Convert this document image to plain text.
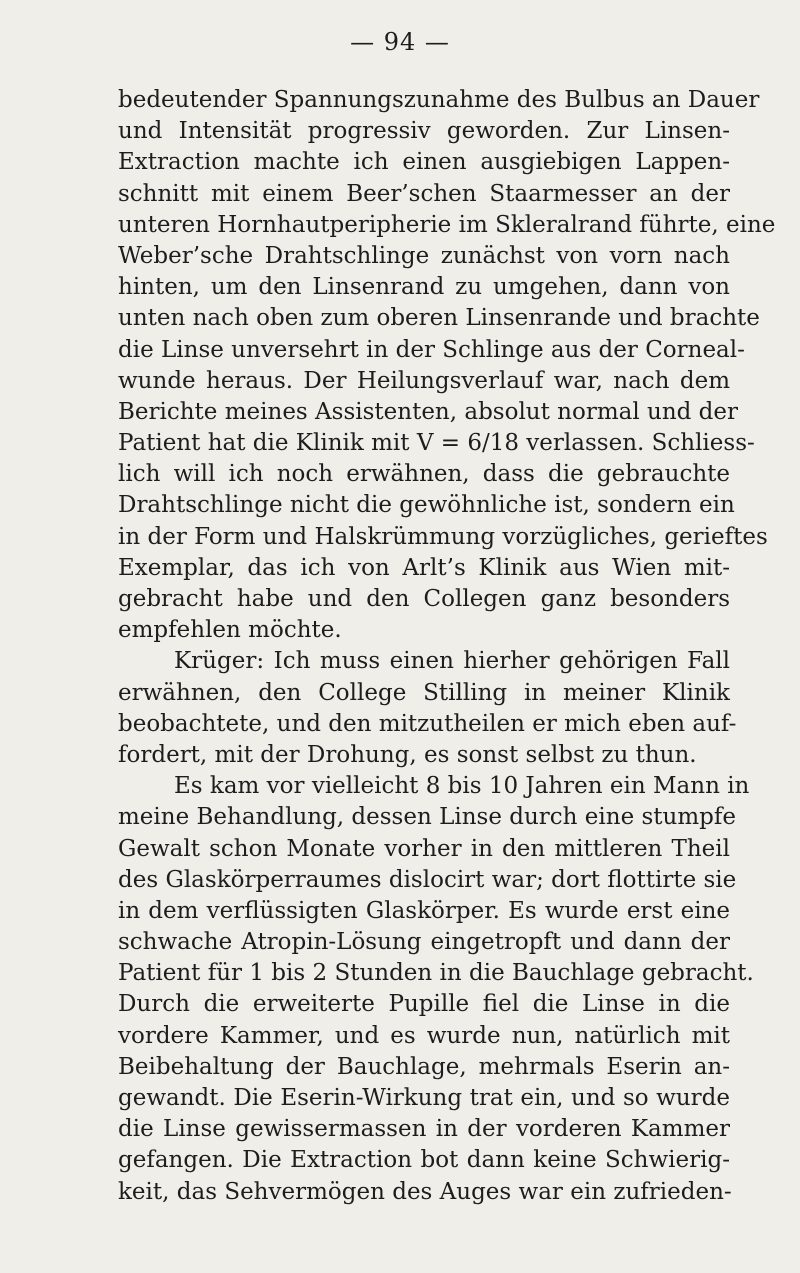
— 94 —
bedeutender Spannungszunahme des Bulbus an Dauer
und Intensität progressiv geworden. Zur Linsen-
Extraction machte ich einen ausgiebigen Lappen-
schnitt mit einem Beer’schen Staarmesser an der
unteren Hornhautperipherie im Skleralrand führte, eine
Weber’sche Drahtschlinge zunächst von vorn nach
hinten, um den Linsenrand zu umgehen, dann von
unten nach oben zum oberen Linsenrande und brachte
die Linse unversehrt in der Schlinge aus der Corneal-
wunde heraus. Der Heilungsverlauf war, nach dem
Berichte meines Assistenten, absolut normal und der
Patient hat die Klinik mit V = 6/18 verlassen. Schliess-
lich will ich noch erwähnen, dass die gebrauchte
Drahtschlinge nicht die gewöhnliche ist, sondern ein
in der Form und Halskrümmung vorzügliches, gerieftes
Exemplar, das ich von Arlt’s Klinik aus Wien mit-
gebracht habe und den Collegen ganz besonders
empfehlen möchte.
Krüger: Ich muss einen hierher gehörigen Fall
erwähnen, den College Stilling in meiner Klinik
beobachtete, und den mitzutheilen er mich eben auf-
fordert, mit der Drohung, es sonst selbst zu thun.
Es kam vor vielleicht 8 bis 10 Jahren ein Mann in
meine Behandlung, dessen Linse durch eine stumpfe
Gewalt schon Monate vorher in den mittleren Theil
des Glaskörperraumes dislocirt war; dort flottirte sie
in dem verflüssigten Glaskörper. Es wurde erst eine
schwache Atropin-Lösung eingetropft und dann der
Patient für 1 bis 2 Stunden in die Bauchlage gebracht.
Durch die erweiterte Pupille fiel die Linse in die
vordere Kammer, und es wurde nun, natürlich mit
Beibehaltung der Bauchlage, mehrmals Eserin an-
gewandt. Die Eserin-Wirkung trat ein, und so wurde
die Linse gewissermassen in der vorderen Kammer
gefangen. Die Extraction bot dann keine Schwierig-
keit, das Sehvermögen des Auges war ein zufrieden-
